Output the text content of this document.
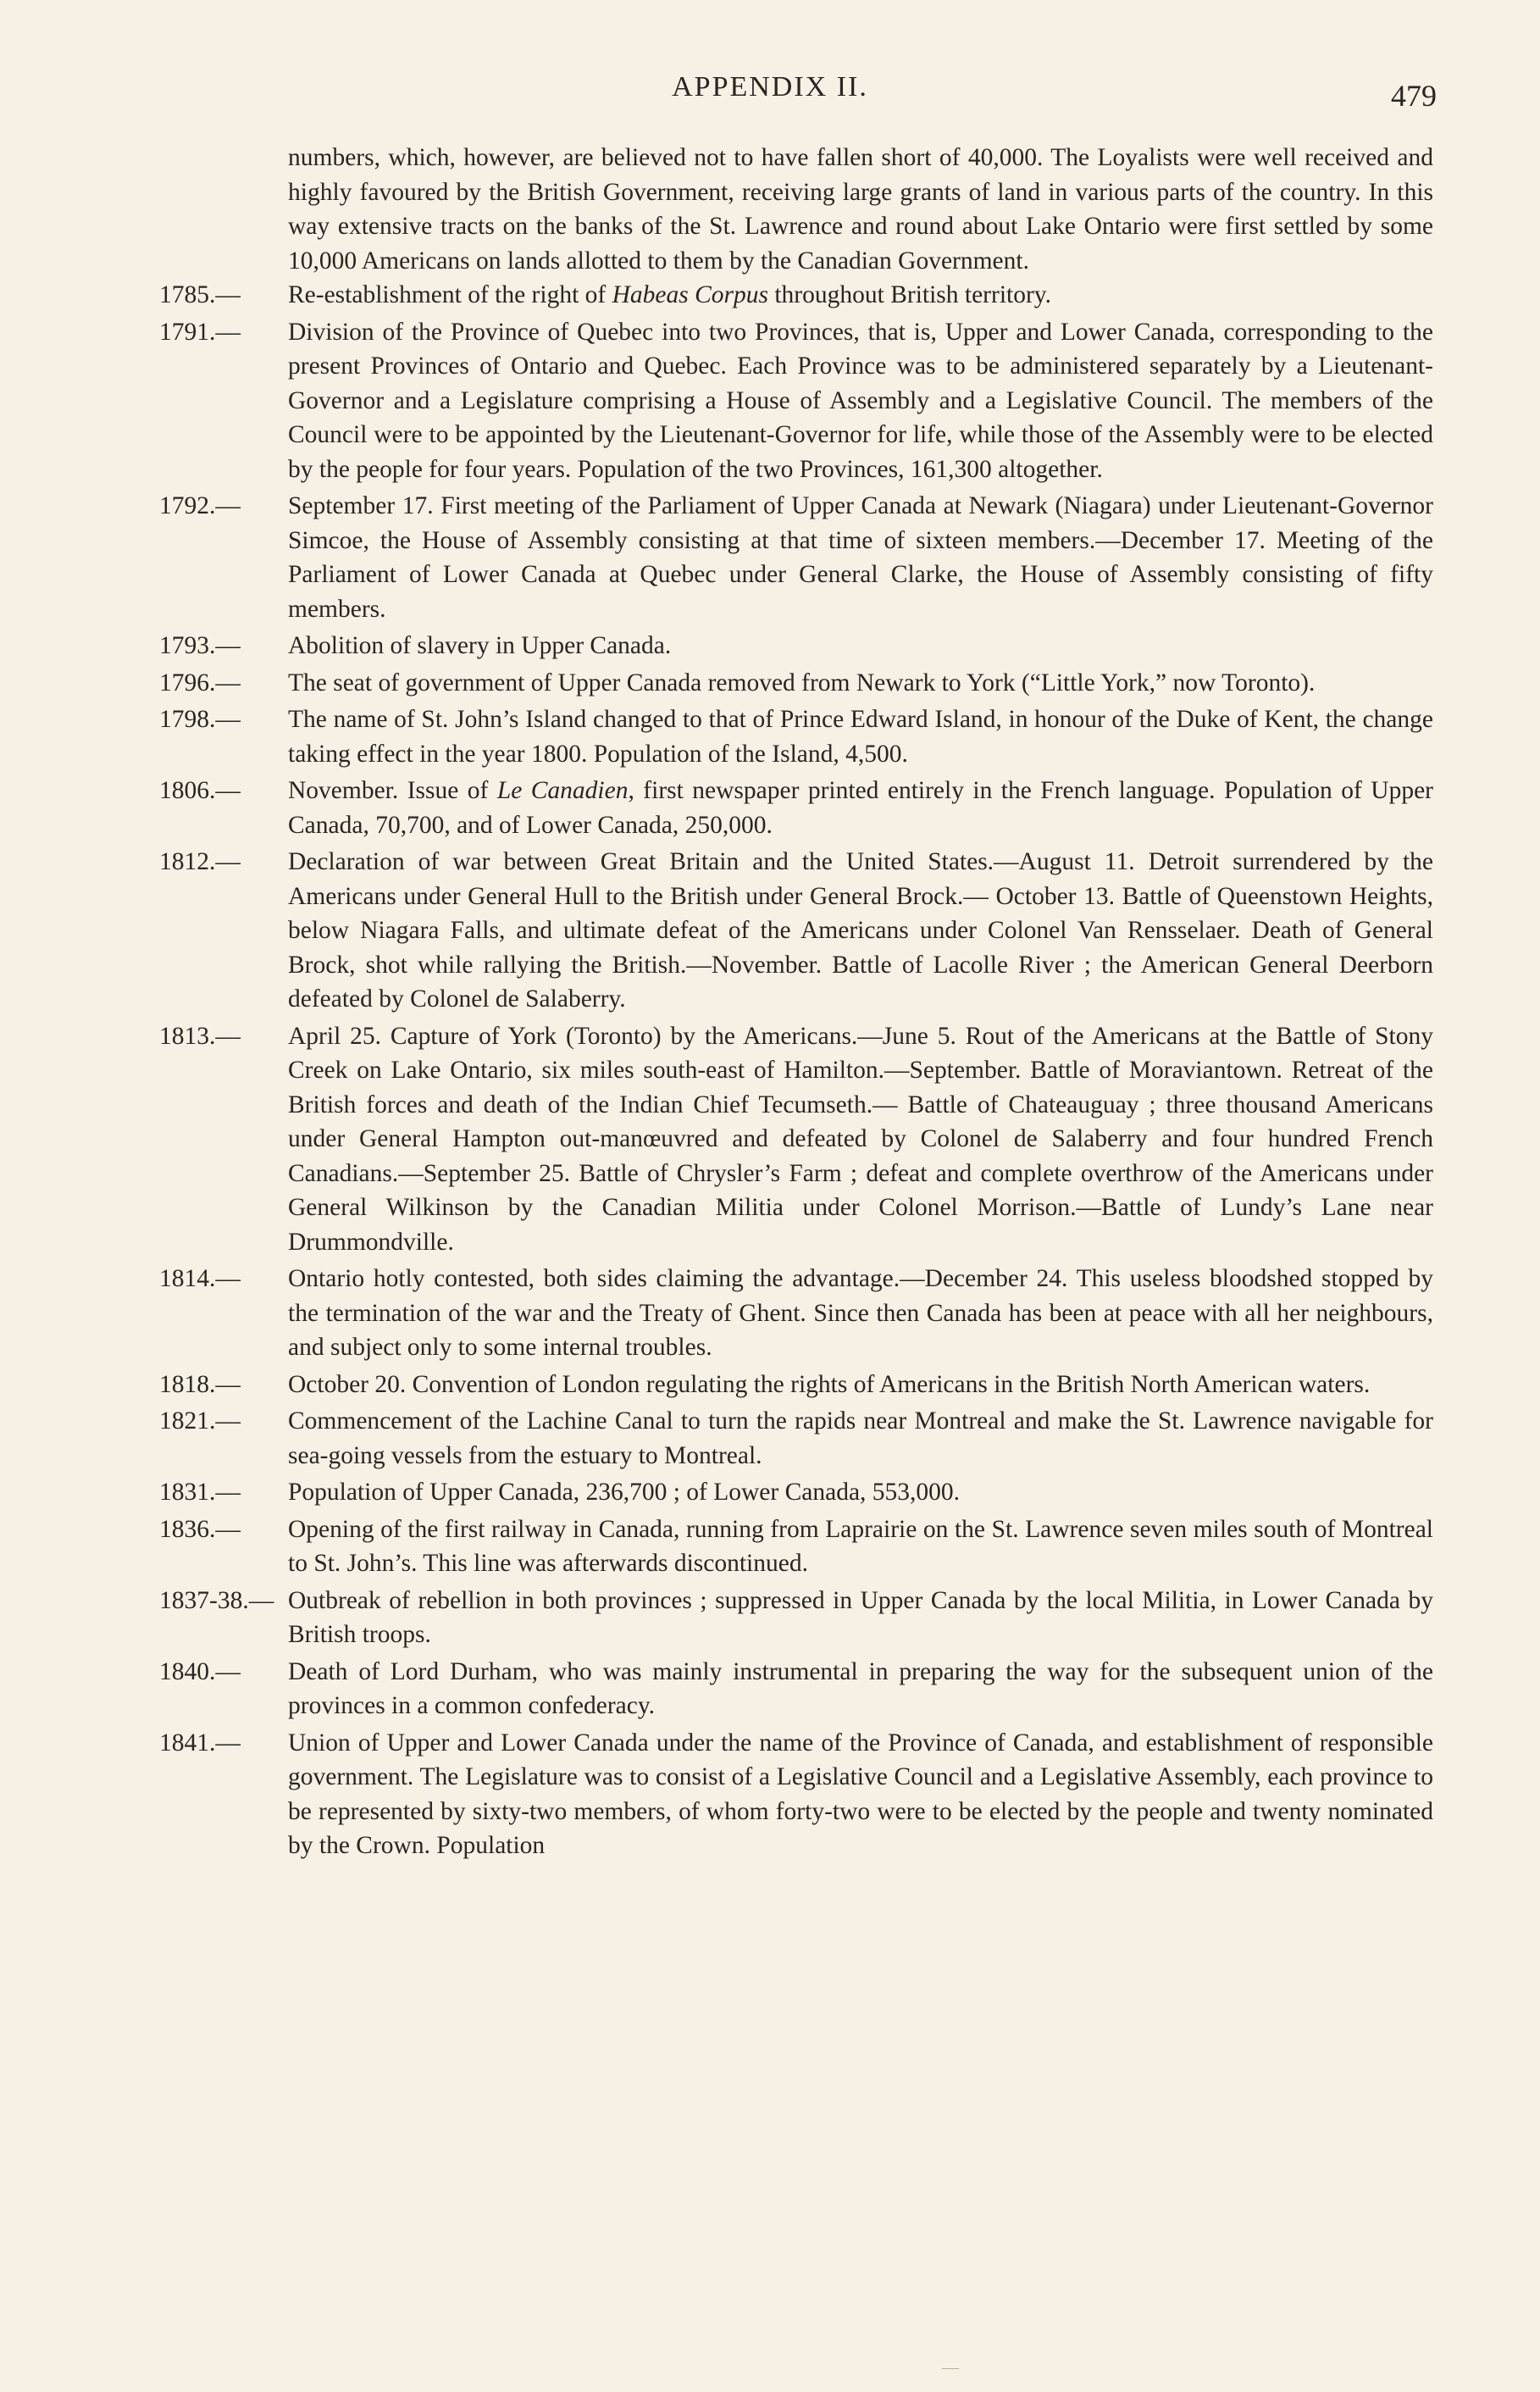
APPENDIX II.	479

numbers, which, however, are believed not to have fallen short of 40,000. The Loyalists were well received and highly favoured by the British Government, receiving large grants of land in various parts of the country. In this way extensive tracts on the banks of the St. Lawrence and round about Lake Ontario were first settled by some 10,000 Americans on lands allotted to them by the Canadian Government.

1785.—	Re-establishment of the right of Habeas Corpus throughout British territory.
1791.—	Division of the Province of Quebec into two Provinces, that is, Upper and Lower Canada, corresponding to the present Provinces of Ontario and Quebec. Each Province was to be administered separately by a Lieutenant-Governor and a Legislature comprising a House of Assembly and a Legislative Council. The members of the Council were to be appointed by the Lieutenant-Governor for life, while those of the Assembly were to be elected by the people for four years. Population of the two Provinces, 161,300 altogether.
1792.—	September 17. First meeting of the Parliament of Upper Canada at Newark (Niagara) under Lieutenant-Governor Simcoe, the House of Assembly consisting at that time of sixteen members.—December 17. Meeting of the Parliament of Lower Canada at Quebec under General Clarke, the House of Assembly consisting of fifty members.
1793.—	Abolition of slavery in Upper Canada.
1796.—	The seat of government of Upper Canada removed from Newark to York (“Little York,” now Toronto).
1798.—	The name of St. John’s Island changed to that of Prince Edward Island, in honour of the Duke of Kent, the change taking effect in the year 1800. Population of the Island, 4,500.
1806.—	November. Issue of Le Canadien, first newspaper printed entirely in the French language. Population of Upper Canada, 70,700, and of Lower Canada, 250,000.
1812.—	Declaration of war between Great Britain and the United States.—August 11. Detroit surrendered by the Americans under General Hull to the British under General Brock.— October 13. Battle of Queenstown Heights, below Niagara Falls, and ultimate defeat of the Americans under Colonel Van Rensselaer. Death of General Brock, shot while rallying the British.—November. Battle of Lacolle River ; the American General Deerborn defeated by Colonel de Salaberry.
1813.—	April 25. Capture of York (Toronto) by the Americans.—June 5. Rout of the Americans at the Battle of Stony Creek on Lake Ontario, six miles south-east of Hamilton.—September. Battle of Moraviantown. Retreat of the British forces and death of the Indian Chief Tecumseth.— Battle of Chateauguay ; three thousand Americans under General Hampton out-manœuvred and defeated by Colonel de Salaberry and four hundred French Canadians.—September 25. Battle of Chrysler’s Farm ; defeat and complete overthrow of the Americans under General Wilkinson by the Canadian Militia under Colonel Morrison.—Battle of Lundy’s Lane near Drummondville.
1814.—	Ontario hotly contested, both sides claiming the advantage.—December 24. This useless bloodshed stopped by the termination of the war and the Treaty of Ghent. Since then Canada has been at peace with all her neighbours, and subject only to some internal troubles.
1818.—	October 20. Convention of London regulating the rights of Americans in the British North American waters.
1821.—	Commencement of the Lachine Canal to turn the rapids near Montreal and make the St. Lawrence navigable for sea-going vessels from the estuary to Montreal.
1831.—	Population of Upper Canada, 236,700 ; of Lower Canada, 553,000.
1836.—	Opening of the first railway in Canada, running from Laprairie on the St. Lawrence seven miles south of Montreal to St. John’s. This line was afterwards discontinued.
1837-38.— Outbreak of rebellion in both provinces ; suppressed in Upper Canada by the local Militia, in Lower Canada by British troops.
1840.—	Death of Lord Durham, who was mainly instrumental in preparing the way for the subsequent union of the provinces in a common confederacy.
1841.—	Union of Upper and Lower Canada under the name of the Province of Canada, and establishment of responsible government. The Legislature was to consist of a Legislative Council and a Legislative Assembly, each province to be represented by sixty-two members, of whom forty-two were to be elected by the people and twenty nominated by the Crown. Population
—
